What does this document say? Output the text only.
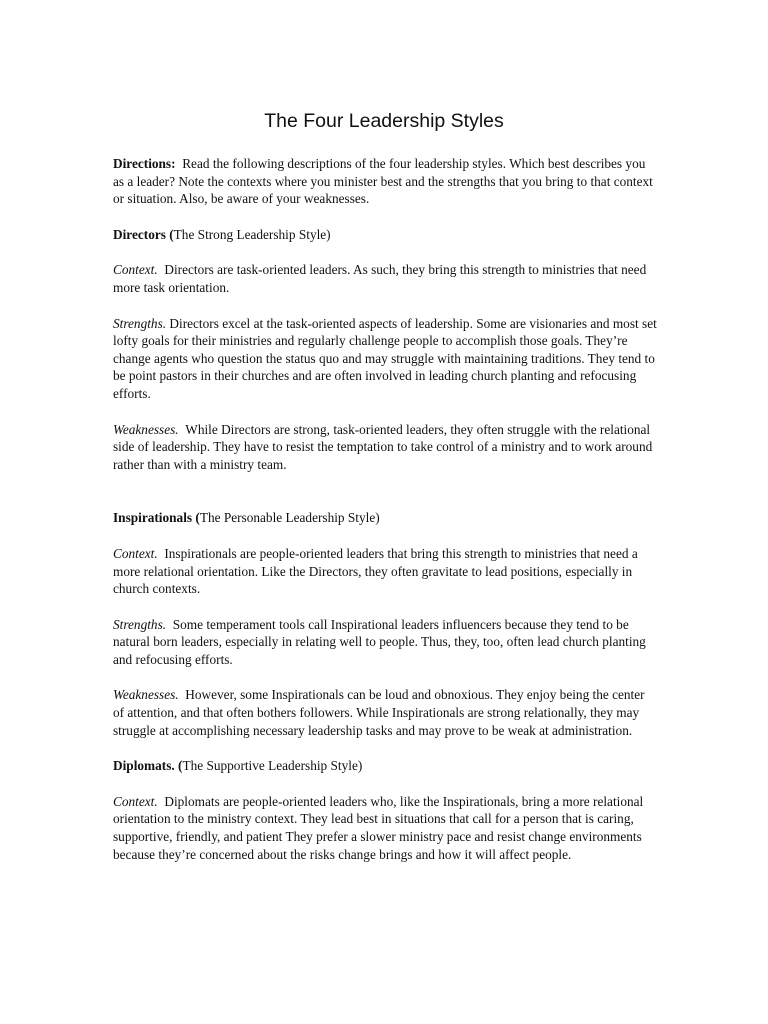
The Four Leadership Styles

Directions: Read the following descriptions of the four leadership styles. Which best describes you as a leader? Note the contexts where you minister best and the strengths that you bring to that context or situation. Also, be aware of your weaknesses.

Directors (The Strong Leadership Style)

Context. Directors are task-oriented leaders. As such, they bring this strength to ministries that need more task orientation.

Strengths. Directors excel at the task-oriented aspects of leadership. Some are visionaries and most set lofty goals for their ministries and regularly challenge people to accomplish those goals. They’re change agents who question the status quo and may struggle with maintaining traditions. They tend to be point pastors in their churches and are often involved in leading church planting and refocusing efforts.

Weaknesses. While Directors are strong, task-oriented leaders, they often struggle with the relational side of leadership. They have to resist the temptation to take control of a ministry and to work around rather than with a ministry team.

Inspirationals (The Personable Leadership Style)

Context. Inspirationals are people-oriented leaders that bring this strength to ministries that need a more relational orientation. Like the Directors, they often gravitate to lead positions, especially in church contexts.

Strengths. Some temperament tools call Inspirational leaders influencers because they tend to be natural born leaders, especially in relating well to people. Thus, they, too, often lead church planting and refocusing efforts.

Weaknesses. However, some Inspirationals can be loud and obnoxious. They enjoy being the center of attention, and that often bothers followers. While Inspirationals are strong relationally, they may struggle at accomplishing necessary leadership tasks and may prove to be weak at administration.

Diplomats. (The Supportive Leadership Style)

Context. Diplomats are people-oriented leaders who, like the Inspirationals, bring a more relational orientation to the ministry context. They lead best in situations that call for a person that is caring, supportive, friendly, and patient They prefer a slower ministry pace and resist change environments because they’re concerned about the risks change brings and how it will affect people.
